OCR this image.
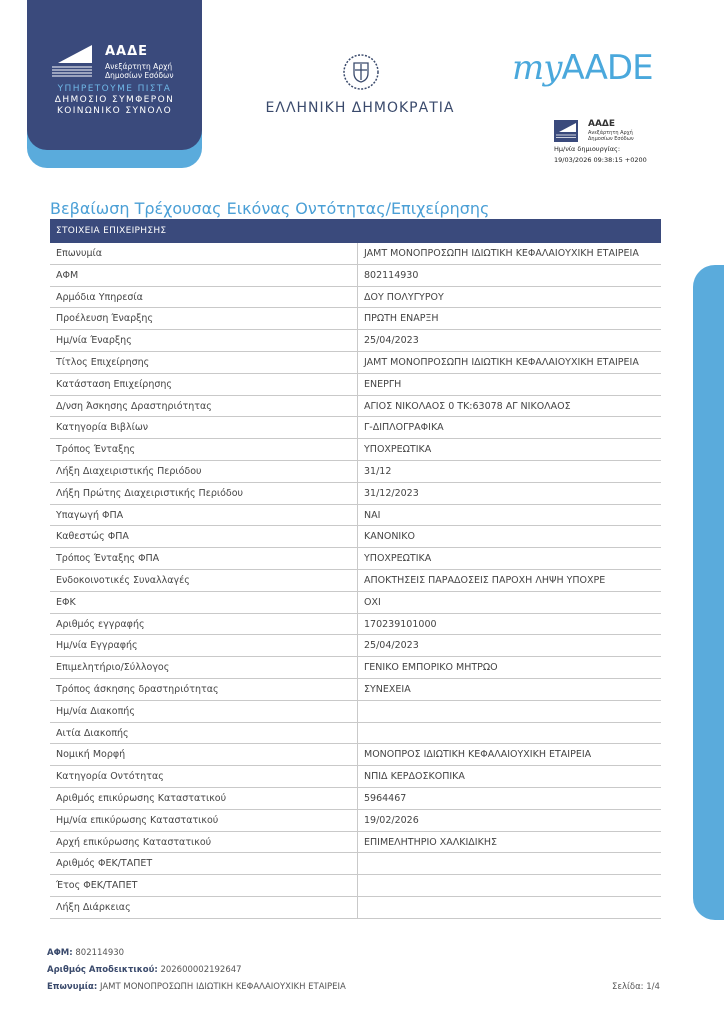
ΑΑΔΕ
Ανεξάρτητη Αρχή
Δημοσίων Εσόδων
ΥΠΗΡΕΤΟΥΜΕ ΠΙΣΤΑ
ΔΗΜΟΣΙΟ ΣΥΜΦΕΡΟΝ
ΚΟΙΝΩΝΙΚΟ ΣΥΝΟΛΟ	ΕΛΛΗΝΙΚΗ ΔΗΜΟΚΡΑΤΙΑ
myAADE
ΑΑΔΕ
Ανεξάρτητη Αρχή
Δημοσίων Εσόδων
Ημ/νία δημιουργίας:
19/03/2026 09:38:15 +0200
Βεβαίωση Τρέχουσας Εικόνας Οντότητας/Επιχείρησης
ΣΤΟΙΧΕΙΑ ΕΠΙΧΕΙΡΗΣΗΣ
Επωνυμία	JAMT ΜΟΝΟΠΡΟΣΩΠΗ ΙΔΙΩΤΙΚΗ ΚΕΦΑΛΑΙΟΥΧΙΚΗ ΕΤΑΙΡΕΙΑ
ΑΦΜ	802114930
Αρμόδια Υπηρεσία	ΔΟΥ ΠΟΛΥΓΥΡΟΥ
Προέλευση Έναρξης	ΠΡΩΤΗ ΕΝΑΡΞΗ
Ημ/νία Έναρξης	25/04/2023
Τίτλος Επιχείρησης	JAMT ΜΟΝΟΠΡΟΣΩΠΗ ΙΔΙΩΤΙΚΗ ΚΕΦΑΛΑΙΟΥΧΙΚΗ ΕΤΑΙΡΕΙΑ
Κατάσταση Επιχείρησης	ΕΝΕΡΓΗ
Δ/νση Άσκησης Δραστηριότητας	ΑΓΙΟΣ ΝΙΚΟΛΑΟΣ 0 ΤΚ:63078 ΑΓ ΝΙΚΟΛΑΟΣ
Κατηγορία Βιβλίων	Γ-ΔΙΠΛΟΓΡΑΦΙΚΑ
Τρόπος Ένταξης	ΥΠΟΧΡΕΩΤΙΚΑ
Λήξη Διαχειριστικής Περιόδου	31/12
Λήξη Πρώτης Διαχειριστικής Περιόδου	31/12/2023
Υπαγωγή ΦΠΑ	ΝΑΙ
Καθεστώς ΦΠΑ	ΚΑΝΟΝΙΚΟ
Τρόπος Ένταξης ΦΠΑ	ΥΠΟΧΡΕΩΤΙΚΑ
Ενδοκοινοτικές Συναλλαγές	ΑΠΟΚΤΗΣΕΙΣ ΠΑΡΑΔΟΣΕΙΣ ΠΑΡΟΧΗ ΛΗΨΗ ΥΠΟΧΡΕ
ΕΦΚ	ΟΧΙ
Αριθμός εγγραφής	170239101000
Ημ/νία Εγγραφής	25/04/2023
Επιμελητήριο/Σύλλογος	ΓΕΝΙΚΟ ΕΜΠΟΡΙΚΟ ΜΗΤΡΩΟ
Τρόπος άσκησης δραστηριότητας	ΣΥΝΕΧΕΙΑ
Ημ/νία Διακοπής
Αιτία Διακοπής
Νομική Μορφή	ΜΟΝΟΠΡΟΣ ΙΔΙΩΤΙΚΗ ΚΕΦΑΛΑΙΟΥΧΙΚΗ ΕΤΑΙΡΕΙΑ
Κατηγορία Οντότητας	ΝΠΙΔ ΚΕΡΔΟΣΚΟΠΙΚΑ
Αριθμός επικύρωσης Καταστατικού	5964467
Ημ/νία επικύρωσης Καταστατικού	19/02/2026
Αρχή επικύρωσης Καταστατικού	ΕΠΙΜΕΛΗΤΗΡΙΟ ΧΑΛΚΙΔΙΚΗΣ
Αριθμός ΦΕΚ/ΤΑΠΕΤ
Έτος ΦΕΚ/ΤΑΠΕΤ
Λήξη Διάρκειας
ΑΦΜ: 802114930
Αριθμός Αποδεικτικού: 202600002192647
Επωνυμία: JAMT ΜΟΝΟΠΡΟΣΩΠΗ ΙΔΙΩΤΙΚΗ ΚΕΦΑΛΑΙΟΥΧΙΚΗ ΕΤΑΙΡΕΙΑ	Σελίδα: 1/4
